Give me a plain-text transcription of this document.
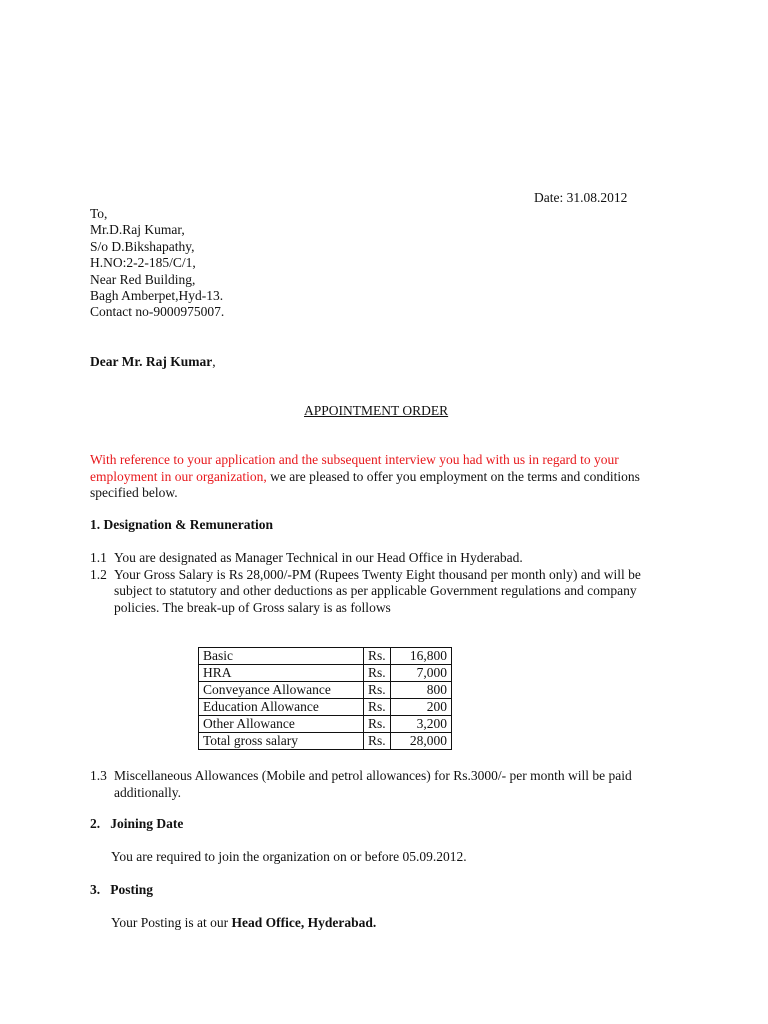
Date: 31.08.2012
To,
Mr.D.Raj Kumar,
S/o D.Bikshapathy,
H.NO:2-2-185/C/1,
Near Red Building,
Bagh Amberpet,Hyd-13.
Contact no-9000975007.
Dear Mr. Raj Kumar,
APPOINTMENT ORDER
With reference to your application and the subsequent interview you had with us in regard to your employment in our organization, we are pleased to offer you employment on the terms and conditions specified below.
1. Designation & Remuneration
1.1 You are designated as Manager Technical in our Head Office in Hyderabad.
1.2 Your Gross Salary is Rs 28,000/-PM (Rupees Twenty Eight thousand per month only) and will be subject to statutory and other deductions as per applicable Government regulations and company policies. The break-up of Gross salary is as follows
Basic	Rs.	16,800
HRA	Rs.	7,000
Conveyance Allowance	Rs.	800
Education Allowance	Rs.	200
Other Allowance	Rs.	3,200
Total gross salary	Rs.	28,000
1.3 Miscellaneous Allowances (Mobile and petrol allowances) for Rs.3000/- per month will be paid additionally.
2.   Joining Date
You are required to join the organization on or before 05.09.2012.
3.   Posting
Your Posting is at our Head Office, Hyderabad.
